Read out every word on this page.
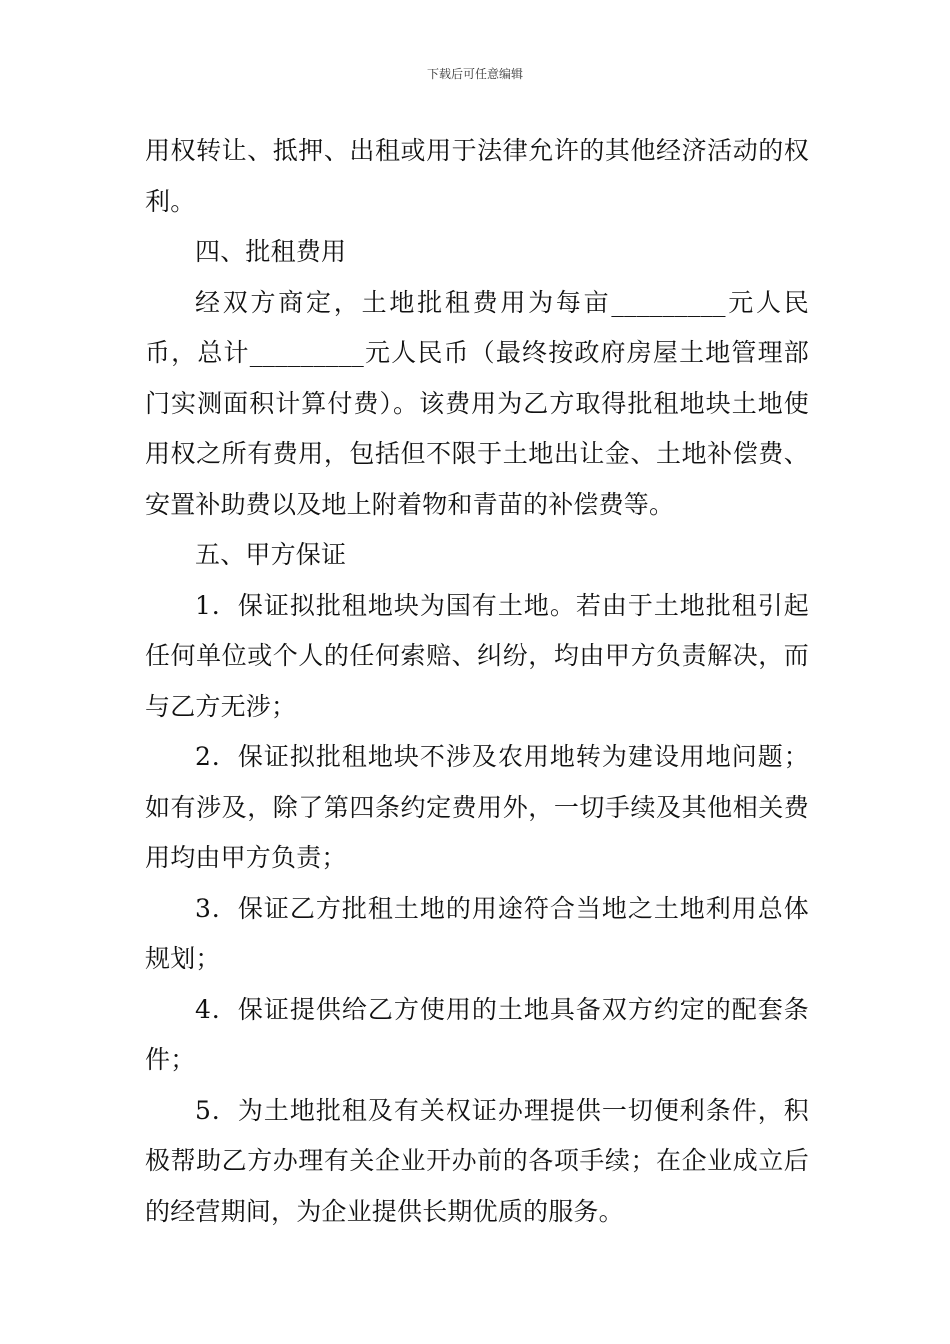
下载后可任意编辑

用权转让、抵押、出租或用于法律允许的其他经济活动的权利。

四、批租费用

经双方商定，土地批租费用为每亩_________元人民币，总计_________元人民币（最终按政府房屋土地管理部门实测面积计算付费）。该费用为乙方取得批租地块土地使用权之所有费用，包括但不限于土地出让金、土地补偿费、安置补助费以及地上附着物和青苗的补偿费等。

五、甲方保证

1．保证拟批租地块为国有土地。若由于土地批租引起任何单位或个人的任何索赔、纠纷，均由甲方负责解决，而与乙方无涉；

2．保证拟批租地块不涉及农用地转为建设用地问题；如有涉及，除了第四条约定费用外，一切手续及其他相关费用均由甲方负责；

3．保证乙方批租土地的用途符合当地之土地利用总体规划；

4．保证提供给乙方使用的土地具备双方约定的配套条件；

5．为土地批租及有关权证办理提供一切便利条件，积极帮助乙方办理有关企业开办前的各项手续；在企业成立后的经营期间，为企业提供长期优质的服务。
